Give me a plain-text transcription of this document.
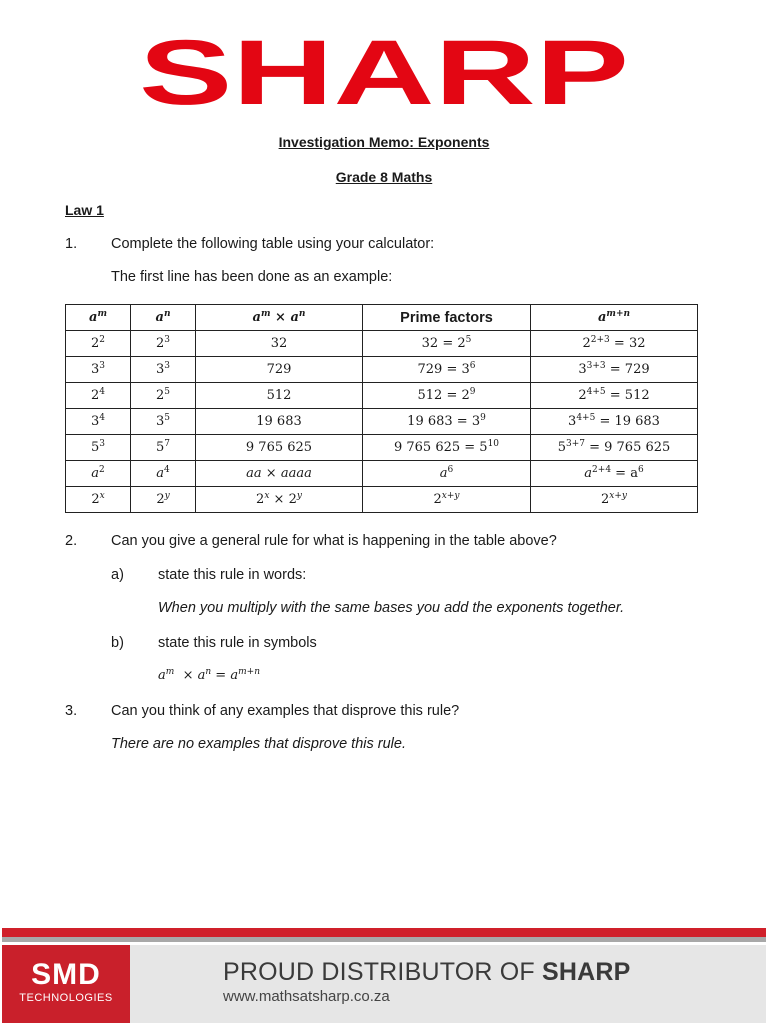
SHARP
Investigation Memo: Exponents
Grade 8 Maths
Law 1
1. Complete the following table using your calculator:
The first line has been done as an example:
$a^m$	$a^n$	$a^m \times a^n$	Prime factors	$a^{m+n}$
$2^2$	$2^3$	32	$32 = 2^5$	$2^{2+3} = 32$
$3^3$	$3^3$	729	$729 = 3^6$	$3^{3+3} = 729$
$2^4$	$2^5$	512	$512 = 2^9$	$2^{4+5} = 512$
$3^4$	$3^5$	19 683	19 $683 = 3^9$	$3^{4+5} = 19$ 683
$5^3$	$5^7$	9 765 625	9 765 $625 = 5^{10}$	$5^{3+7} = 9$ 765 625
$a^2$	$a^4$	aa × aaaa	$a^6$	$a^{2+4} = a^6$
2$^x$	2$^y$	$2^x \times 2^y$	$2^{x+y}$	$2^{x+y}$
2. Can you give a general rule for what is happening in the table above?
a) state this rule in words:
When you multiply with the same bases you add the exponents together.
b) state this rule in symbols
$a^m \times a^n = a^{m+n}$
3. Can you think of any examples that disprove this rule?
There are no examples that disprove this rule.
SMD
TECHNOLOGIES
PROUD DISTRIBUTOR OF SHARP
www.mathsatsharp.co.za
